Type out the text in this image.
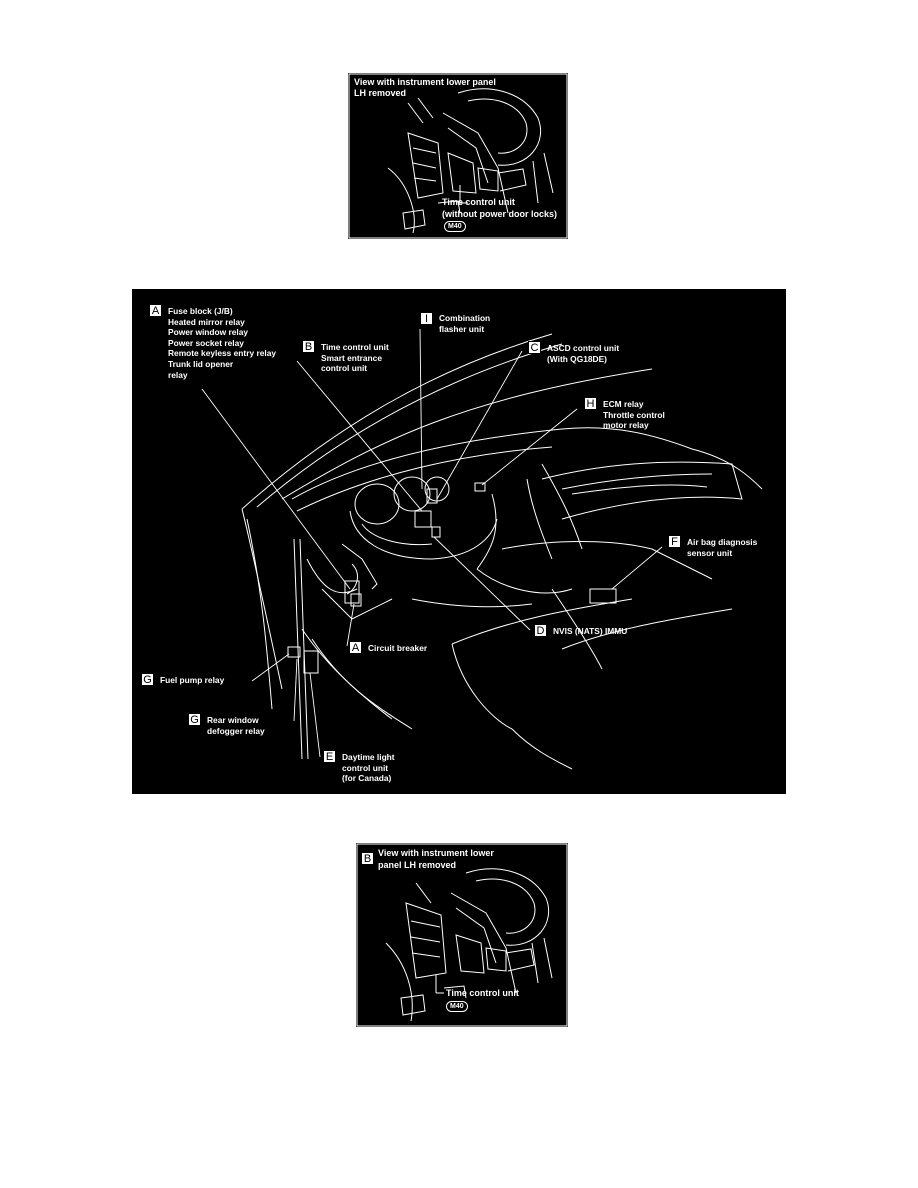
View with instrument lower panel
LH removed
Time control unit
(without power door locks)
M40
A	Fuse block (J/B)
Heated mirror relay
Power window relay
Power socket relay
Remote keyless entry relay
Trunk lid opener
relay
B	Time control unit
Smart entrance
control unit
I	Combination
flasher unit
C	ASCD control unit
(With QG18DE)
H	ECM relay
Throttle control
motor relay
F	Air bag diagnosis
sensor unit
D	NVIS (NATS) IMMU
A	Circuit breaker
G Fuel pump relay
G Rear window
defogger relay
E	Daytime light
control unit
(for Canada)
B View with instrument lower
panel LH removed
Time control unit
M40
